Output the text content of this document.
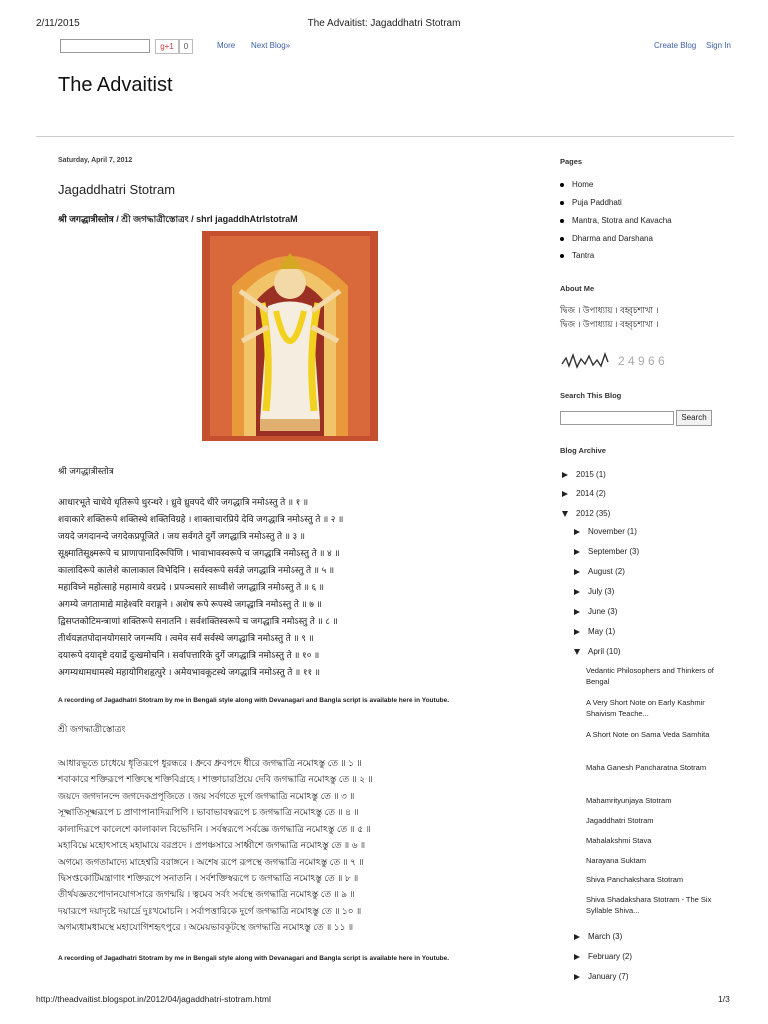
2/11/2015	The Advaitist: Jagaddhatri Stotram
g+1	0	More Next Blog»	Create Blog Sign In
The Advaitist
Saturday, April 7, 2012
Jagaddhatri Stotram
श्री जगद्धात्रीस्तोत्र / শ্রী জগদ্ধাত্রীস্তোত্রং / shrI jagaddhAtrIstotraM
श्री जगद्धात्रीस्तोत्र
आधारभूते चाधेये धृतिरूपे धुरन्धरे । ध्रुवे ध्रुवपदे धीरे जगद्धात्रि नमोऽस्तु ते ॥ १ ॥
शवाकारे शक्तिरूपे शक्तिस्थे शक्तिविग्रहे । शाक्ताचारप्रिये देवि जगद्धात्रि नमोऽस्तु ते ॥ २ ॥
जयदे जगदानन्दे जगदेकप्रपूजिते । जय सर्वगते दुर्गे जगद्धात्रि नमोऽस्तु ते ॥ ३ ॥
सूक्ष्मातिसूक्ष्मरूपे च प्राणापानादिरूपिणि । भावाभावस्वरूपे च जगद्धात्रि नमोऽस्तु ते ॥ ४ ॥
कालादिरूपे कालेशे कालाकाल विभेदिनि । सर्वस्वरूपे सर्वज्ञे जगद्धात्रि नमोऽस्तु ते ॥ ५ ॥
महाविघ्ने महोत्साहे महामाये वरप्रदे । प्रपञ्चसारे साध्वीशे जगद्धात्रि नमोऽस्तु ते ॥ ६ ॥
अगम्ये जगतामाद्ये माहेश्वरि वराङ्गने । अशेष रूपे रूपस्थे जगद्धात्रि नमोऽस्तु ते ॥ ७ ॥
द्विसप्तकोटिमन्त्राणां शक्तिरूपे सनातनि । सर्वशक्तिस्वरूपे च जगद्धात्रि नमोऽस्तु ते ॥ ८ ॥
तीर्थयज्ञतपोदानयोगसारे जगन्मयि । त्वमेव सर्वं सर्वस्थे जगद्धात्रि नमोऽस्तु ते ॥ ९ ॥
दयारूपे दयादृष्टे दयार्द्रे दुःखमोचनि । सर्वापत्तारिके दुर्गे जगद्धात्रि नमोऽस्तु ते ॥ १० ॥
अगम्यधामधामस्थे महायोगिशहृत्पुरे । अमेयभावकूटस्थे जगद्धात्रि नमोऽस्तु ते ॥ ११ ॥
A recording of Jagadhatri Stotram by me in Bengali style along with Devanagari and Bangla script is available here in Youtube.
শ্রী জগদ্ধাত্রীস্তোত্রং
আধারভূতে চাধেয়ে ধৃতিরূপে ধুরন্ধরে । ধ্রুবে ধ্রুবপদে ধীরে জগদ্ধাত্রি নমোঽস্তু তে ॥ ১ ॥
শবাকারে শক্তিরূপে শক্তিস্থে শক্তিবিগ্রহে । শাক্তাচারপ্রিয়ে দেবি জগদ্ধাত্রি নমোঽস্তু তে ॥ ২ ॥
জয়দে জগদানন্দে জগদেকপ্রপূজিতে । জয় সর্বগতে দুর্গে জগদ্ধাত্রি নমোঽস্তু তে ॥ ৩ ॥
সূক্ষ্মাতিসূক্ষ্মরূপে চ প্রাণাপানাদিরূপিণি । ভাবাভাবস্বরূপে চ জগদ্ধাত্রি নমোঽস্তু তে ॥ ৪ ॥
কালাদিরূপে কালেশে কালাকাল বিভেদিনি । সর্বস্বরূপে সর্বজ্ঞে জগদ্ধাত্রি নমোঽস্তু তে ॥ ৫ ॥
মহাবিঘ্নে মহোৎসাহে মহামায়ে বরপ্রদে । প্রপঞ্চসারে সাধ্বীশে জগদ্ধাত্রি নমোঽস্তু তে ॥ ৬ ॥
অগম্যে জগতামাদ্যে মাহেশ্বরি বরাঙ্গনে । অশেষ রূপে রূপস্থে জগদ্ধাত্রি নমোঽস্তু তে ॥ ৭ ॥
দ্বিসপ্তকোটিমন্ত্রাণাং শক্তিরূপে সনাতনি । সর্বশক্তিস্বরূপে চ জগদ্ধাত্রি নমোঽস্তু তে ॥ ৮ ॥
তীর্থযজ্ঞতপোদানযোগসারে জগন্ময়ি । ত্বমেব সর্বং সর্বস্থে জগদ্ধাত্রি নমোঽস্তু তে ॥ ৯ ॥
দয়ারূপে দয়াদৃষ্টে দয়ার্দ্রে দুঃখমোচনি । সর্বাপত্তারিকে দুর্গে জগদ্ধাত্রি নমোঽস্তু তে ॥ ১০ ॥
অগম্যধামধামস্থে মহাযোগিশহৃৎপুরে । অমেয়ভাবকূটস্থে জগদ্ধাত্রি নমোঽস্তু তে ॥ ১১ ॥
A recording of Jagadhatri Stotram by me in Bengali style along with Devanagari and Bangla script is available here in Youtube.
Pages
Home
Puja Paddhati
Mantra, Stotra and Kavacha
Dharma and Darshana
Tantra
About Me
দ্বিজ । উপাধ্যায় । বহ্বৃচশাখা ।
দ্বিজ । উপাধ্যায় । বহ্বৃচশাখা ।
2 4 9 6 6
Search This Blog
Search
Blog Archive
2015 (1)
2014 (2)
2012 (35)
November (1)
September (3)
August (2)
July (3)
June (3)
May (1)
April (10)
Vedantic Philosophers and Thinkers of Bengal
A Very Short Note on Early Kashmir Shaivism Teache...
A Short Note on Sama Veda Samhita
Maha Ganesh Pancharatna Stotram
Mahamrityunjaya Stotram
Jagaddhatri Stotram
Mahalakshmi Stava
Narayana Suktam
Shiva Panchakshara Stotram
Shiva Shadakshara Stotram - The Six Syllable Shiva...
March (3)
February (2)
January (7)
http://theadvaitist.blogspot.in/2012/04/jagaddhatri-stotram.html	1/3
